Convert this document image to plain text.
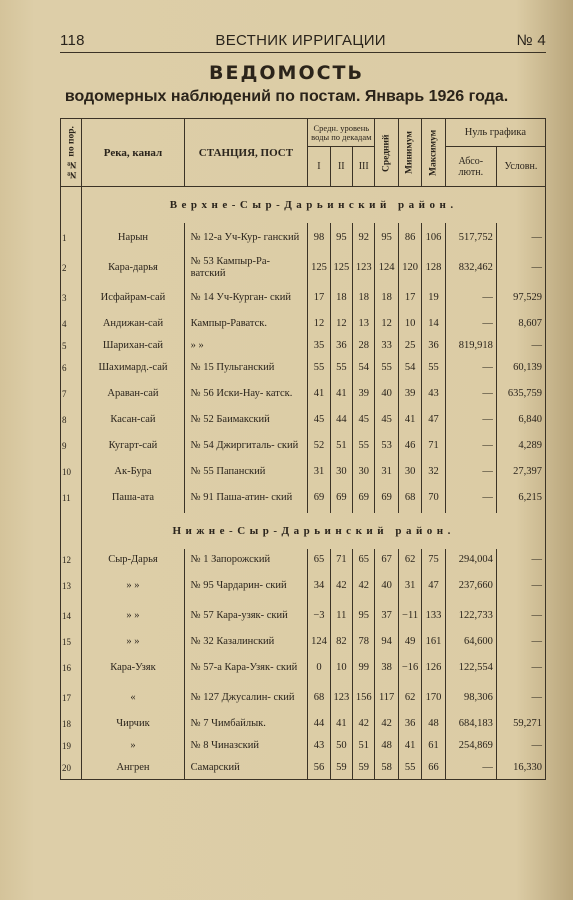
118	ВЕСТНИК ИРРИГАЦИИ	№ 4
ВЕДОМОСТЬ
водомерных наблюдений по постам. Январь 1926 года.
№№ по пор.	Река, канал	СТАНЦИЯ, ПОСТ	Средн. уровень воды по декадам			Средний	Минимум	Максимум	Нуль графика	
			I	II	III				Абсо- лютн.	Условн.
	Верхне-Сыр-Дарьинский район.									
1	Нарын	№ 12-а Уч-Кур- ганский	98	95	92	95	86	106	517,752	—
2	Кара-дарья	№ 53 Кампыр-Ра- ватский	125	125	123	124	120	128	832,462	—
3	Исфайрам-сай	№ 14 Уч-Курган- ский	17	18	18	18	17	19	—	97,529
4	Андижан-сай	Кампыр-Раватск.	12	12	13	12	10	14	—	8,607
5	Шарихан-сай	» »	35	36	28	33	25	36	819,918	—
6	Шахимард.-сай	№ 15 Пульганский	55	55	54	55	54	55	—	60,139
7	Араван-сай	№ 56 Иски-Нау- катск.	41	41	39	40	39	43	—	635,759
8	Касан-сай	№ 52 Баимакский	45	44	45	45	41	47	—	6,840
9	Кугарт-сай	№ 54 Джиргиталь- ский	52	51	55	53	46	71	—	4,289
10	Ак-Бура	№ 55 Папанский	31	30	30	31	30	32	—	27,397
11	Паша-ата	№ 91 Паша-атин- ский	69	69	69	69	68	70	—	6,215
	Нижне-Сыр-Дарьинский район.									
12	Сыр-Дарья	№ 1 Запорожский	65	71	65	67	62	75	294,004	—
13	» »	№ 95 Чардарин- ский	34	42	42	40	31	47	237,660	—
14	» »	№ 57 Кара-узяк- ский	−3	11	95	37	−11	133	122,733	—
15	» »	№ 32 Казалинский	124	82	78	94	49	161	64,600	—
16	Кара-Узяк	№ 57-а Кара-Узяк- ский	0	10	99	38	−16	126	122,554	—
17	«	№ 127 Джусалин- ский	68	123	156	117	62	170	98,306	—
18	Чирчик	№ 7 Чимбайлык.	44	41	42	42	36	48	684,183	59,271
19	»	№ 8 Чиназский	43	50	51	48	41	61	254,869	—
20	Ангрен	Самарский	56	59	59	58	55	66	—	16,330
